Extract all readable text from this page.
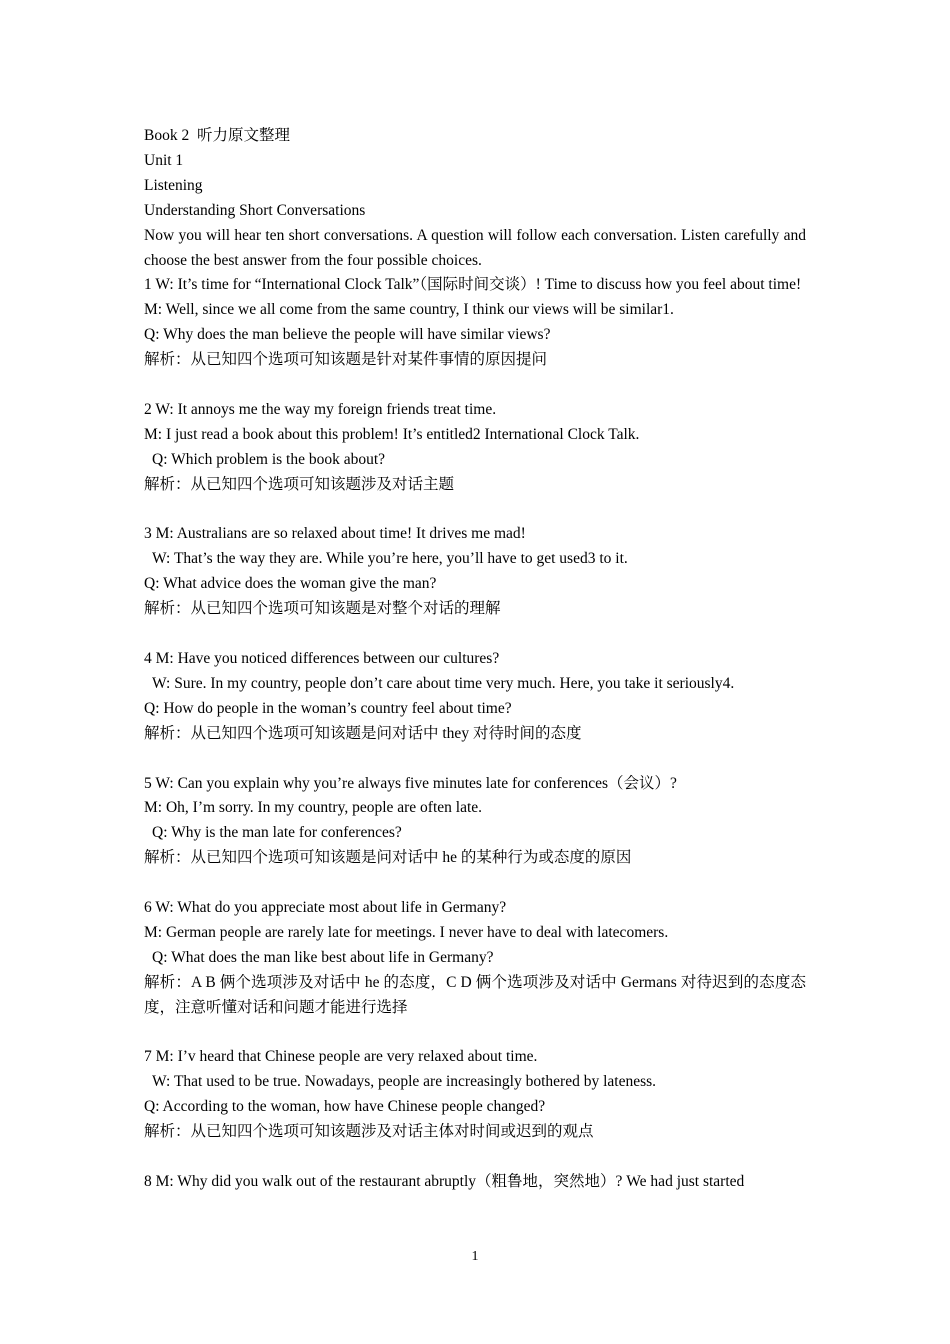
Book 2  听力原文整理
Unit 1
Listening
Understanding Short Conversations
Now you will hear ten short conversations. A question will follow each conversation. Listen carefully and choose the best answer from the four possible choices.
1 W: It’s time for “International Clock Talk”（国际时间交谈）! Time to discuss how you feel about time!
M: Well, since we all come from the same country, I think our views will be similar1.
Q: Why does the man believe the people will have similar views?
解析：从已知四个选项可知该题是针对某件事情的原因提问
2 W: It annoys me the way my foreign friends treat time.
M: I just read a book about this problem! It’s entitled2 International Clock Talk.
Q: Which problem is the book about?
解析：从已知四个选项可知该题涉及对话主题
3 M: Australians are so relaxed about time! It drives me mad!
W: That’s the way they are. While you’re here, you’ll have to get used3 to it.
Q: What advice does the woman give the man?
解析：从已知四个选项可知该题是对整个对话的理解
4 M: Have you noticed differences between our cultures?
W: Sure. In my country, people don’t care about time very much. Here, you take it seriously4.
Q: How do people in the woman’s country feel about time?
解析：从已知四个选项可知该题是问对话中 they 对待时间的态度
5 W: Can you explain why you’re always five minutes late for conferences（会议）?
M: Oh, I’m sorry. In my country, people are often late.
Q: Why is the man late for conferences?
解析：从已知四个选项可知该题是问对话中 he 的某种行为或态度的原因
6 W: What do you appreciate most about life in Germany?
M: German people are rarely late for meetings. I never have to deal with latecomers.
Q: What does the man like best about life in Germany?
解析：A B 俩个选项涉及对话中 he 的态度，C D 俩个选项涉及对话中 Germans 对待迟到的态度态度，注意听懂对话和问题才能进行选择
7 M: I’v heard that Chinese people are very relaxed about time.
W: That used to be true. Nowadays, people are increasingly bothered by lateness.
Q: According to the woman, how have Chinese people changed?
解析：从已知四个选项可知该题涉及对话主体对时间或迟到的观点
8 M: Why did you walk out of the restaurant abruptly（粗鲁地，突然地）? We had just started
1
